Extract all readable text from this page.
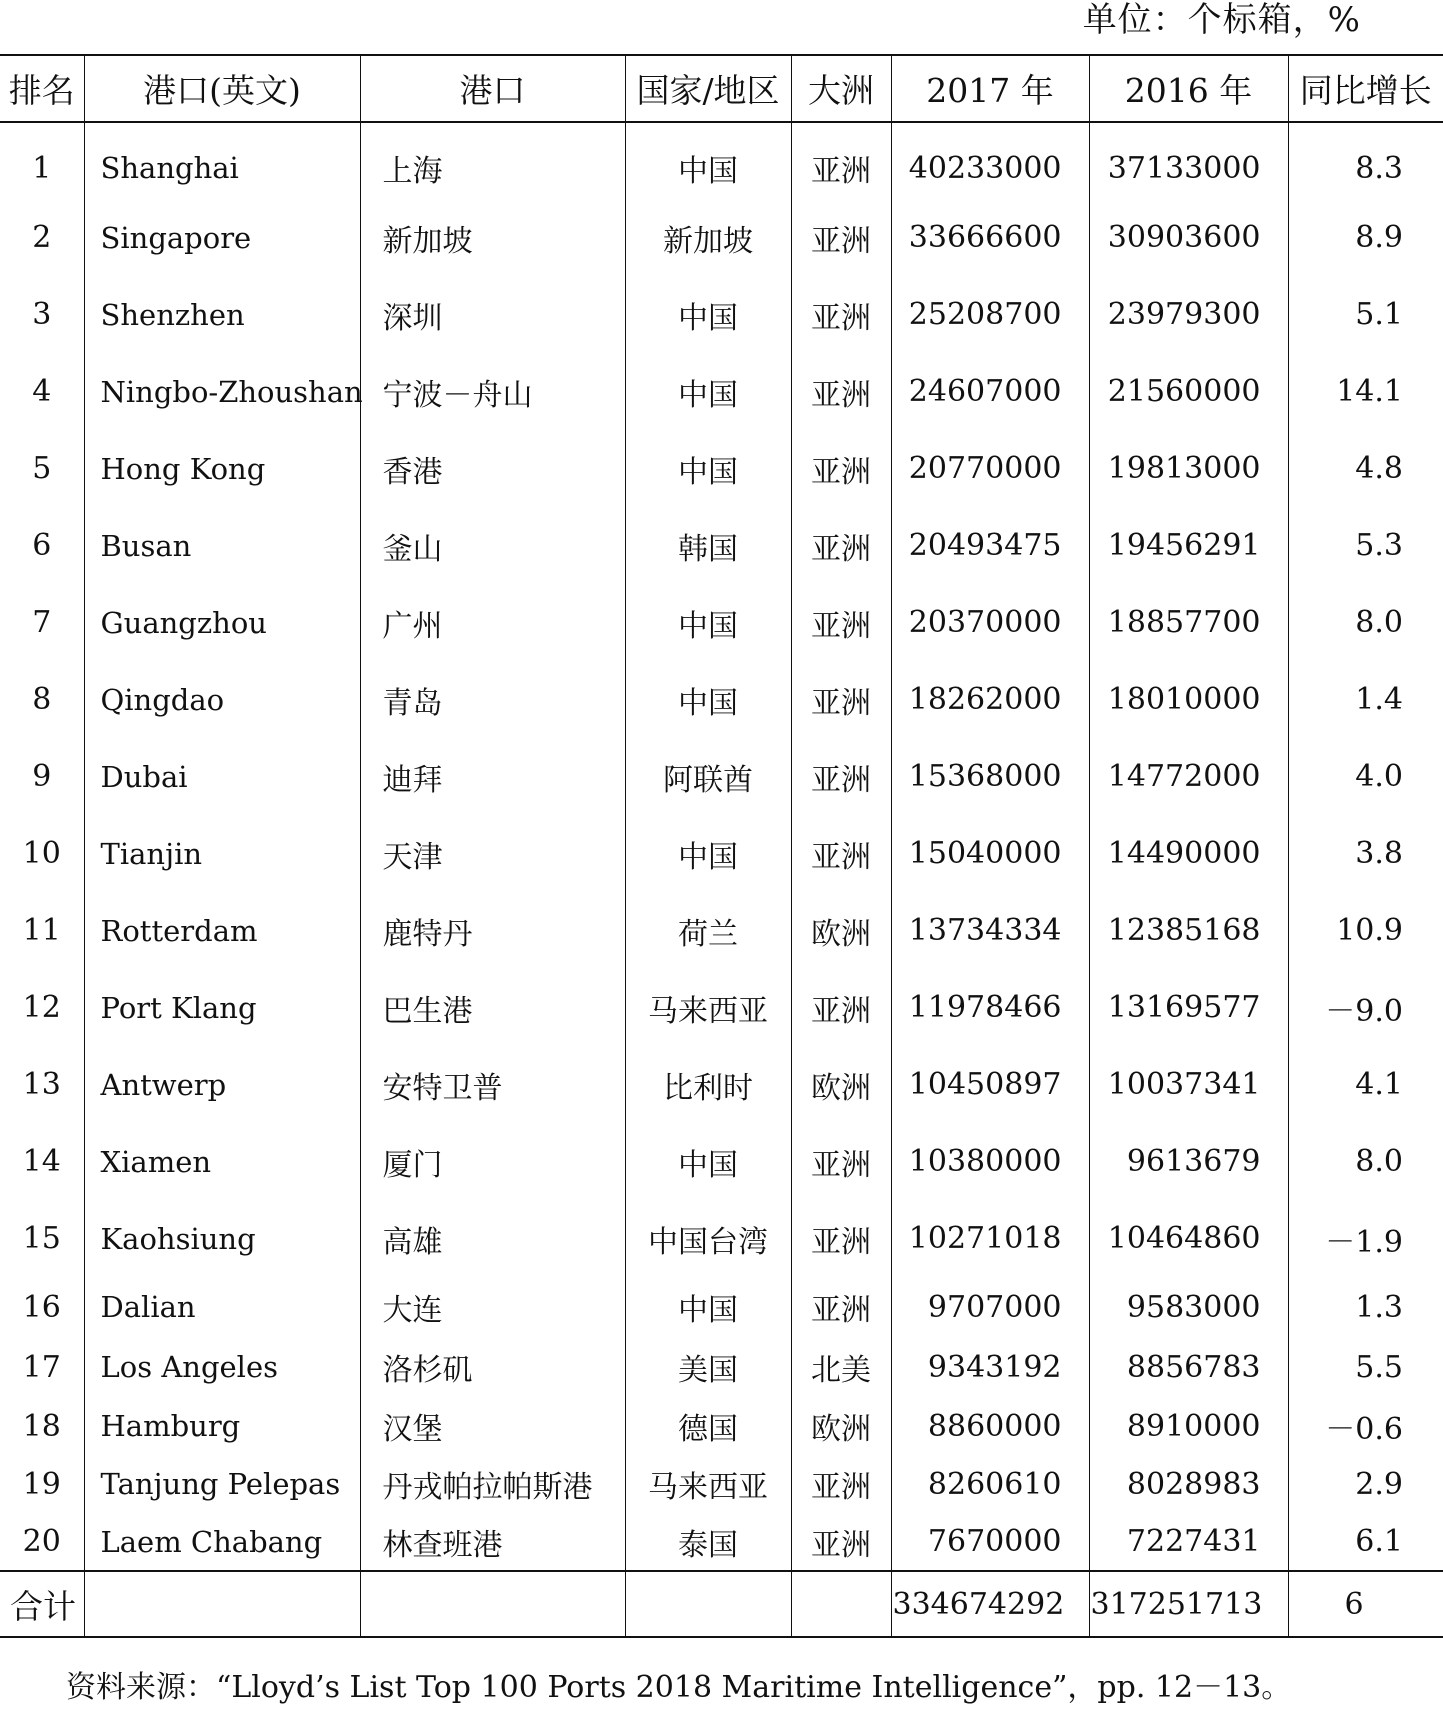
单位：个标箱，%
排名	港口(英文)	港口	国家/地区	大洲	2017 年	2016 年	同比增长
1	Shanghai	上海	中国	亚洲	40233000	37133000	8.3
2	Singapore	新加坡	新加坡	亚洲	33666600	30903600	8.9
3	Shenzhen	深圳	中国	亚洲	25208700	23979300	5.1
4	Ningbo-Zhoushan	宁波－舟山	中国	亚洲	24607000	21560000	14.1
5	Hong Kong	香港	中国	亚洲	20770000	19813000	4.8
6	Busan	釜山	韩国	亚洲	20493475	19456291	5.3
7	Guangzhou	广州	中国	亚洲	20370000	18857700	8.0
8	Qingdao	青岛	中国	亚洲	18262000	18010000	1.4
9	Dubai	迪拜	阿联酋	亚洲	15368000	14772000	4.0
10	Tianjin	天津	中国	亚洲	15040000	14490000	3.8
11	Rotterdam	鹿特丹	荷兰	欧洲	13734334	12385168	10.9
12	Port Klang	巴生港	马来西亚	亚洲	11978466	13169577	－9.0
13	Antwerp	安特卫普	比利时	欧洲	10450897	10037341	4.1
14	Xiamen	厦门	中国	亚洲	10380000	9613679	8.0
15	Kaohsiung	高雄	中国台湾	亚洲	10271018	10464860	－1.9
16	Dalian	大连	中国	亚洲	9707000	9583000	1.3
17	Los Angeles	洛杉矶	美国	北美	9343192	8856783	5.5
18	Hamburg	汉堡	德国	欧洲	8860000	8910000	－0.6
19	Tanjung Pelepas	丹戎帕拉帕斯港	马来西亚	亚洲	8260610	8028983	2.9
20	Laem Chabang	林查班港	泰国	亚洲	7670000	7227431	6.1
合计					334674292	317251713	6
资料来源：“Lloyd’s List Top 100 Ports 2018 Maritime Intelligence”，pp. 12－13。
